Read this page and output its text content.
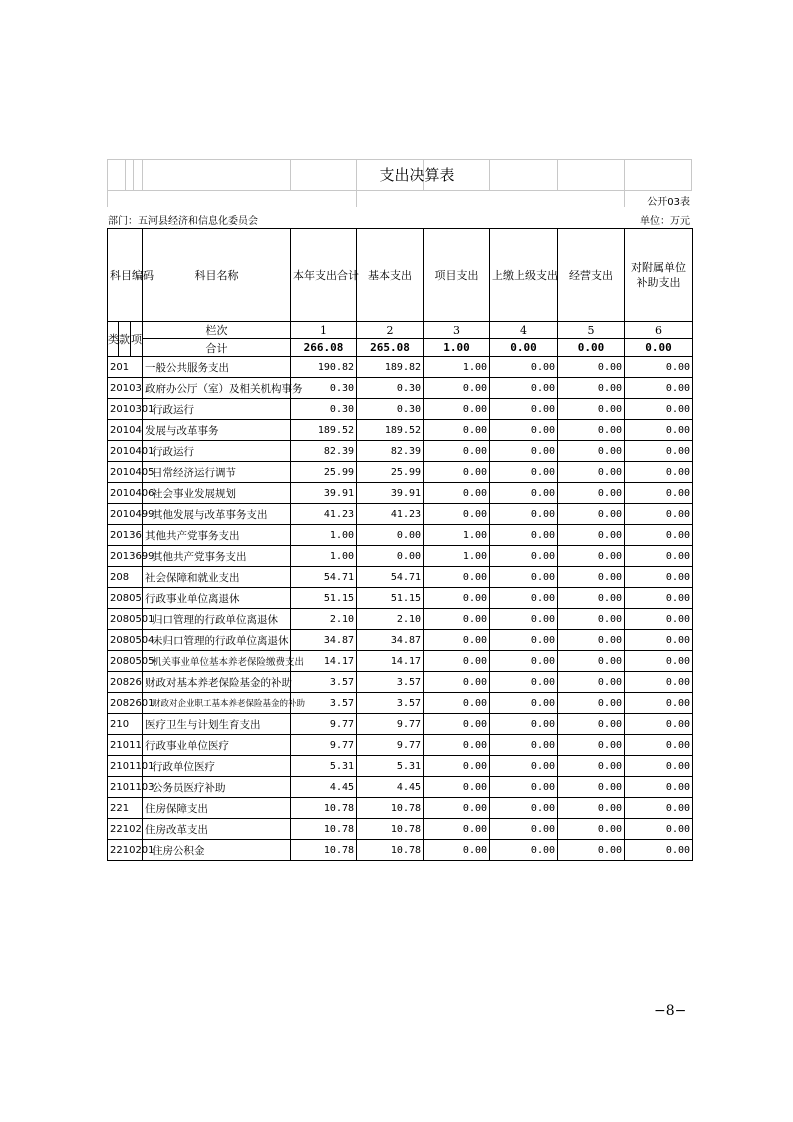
支出决算表
公开03表
部门：五河县经济和信息化委员会	单位：万元
科目编码			科目名称	本年支出合计	基本支出	项目支出	上缴上级支出	经营支出	对附属单位补助支出
类	款	项	栏次	1	2	3	4	5	6
			合计	266.08	265.08	1.00	0.00	0.00	0.00
201			一般公共服务支出	190.82	189.82	1.00	0.00	0.00	0.00
20103			政府办公厅（室）及相关机构事务	0.30	0.30	0.00	0.00	0.00	0.00
2010301			行政运行	0.30	0.30	0.00	0.00	0.00	0.00
20104			发展与改革事务	189.52	189.52	0.00	0.00	0.00	0.00
2010401			行政运行	82.39	82.39	0.00	0.00	0.00	0.00
2010405			日常经济运行调节	25.99	25.99	0.00	0.00	0.00	0.00
2010406			社会事业发展规划	39.91	39.91	0.00	0.00	0.00	0.00
2010499			其他发展与改革事务支出	41.23	41.23	0.00	0.00	0.00	0.00
20136			其他共产党事务支出	1.00	0.00	1.00	0.00	0.00	0.00
2013699			其他共产党事务支出	1.00	0.00	1.00	0.00	0.00	0.00
208			社会保障和就业支出	54.71	54.71	0.00	0.00	0.00	0.00
20805			行政事业单位离退休	51.15	51.15	0.00	0.00	0.00	0.00
2080501			归口管理的行政单位离退休	2.10	2.10	0.00	0.00	0.00	0.00
2080504			未归口管理的行政单位离退休	34.87	34.87	0.00	0.00	0.00	0.00
2080505			机关事业单位基本养老保险缴费支出	14.17	14.17	0.00	0.00	0.00	0.00
20826			财政对基本养老保险基金的补助	3.57	3.57	0.00	0.00	0.00	0.00
2082601			财政对企业职工基本养老保险基金的补助	3.57	3.57	0.00	0.00	0.00	0.00
210			医疗卫生与计划生育支出	9.77	9.77	0.00	0.00	0.00	0.00
21011			行政事业单位医疗	9.77	9.77	0.00	0.00	0.00	0.00
2101101			行政单位医疗	5.31	5.31	0.00	0.00	0.00	0.00
2101103			公务员医疗补助	4.45	4.45	0.00	0.00	0.00	0.00
221			住房保障支出	10.78	10.78	0.00	0.00	0.00	0.00
22102			住房改革支出	10.78	10.78	0.00	0.00	0.00	0.00
2210201			住房公积金	10.78	10.78	0.00	0.00	0.00	0.00
−8−
